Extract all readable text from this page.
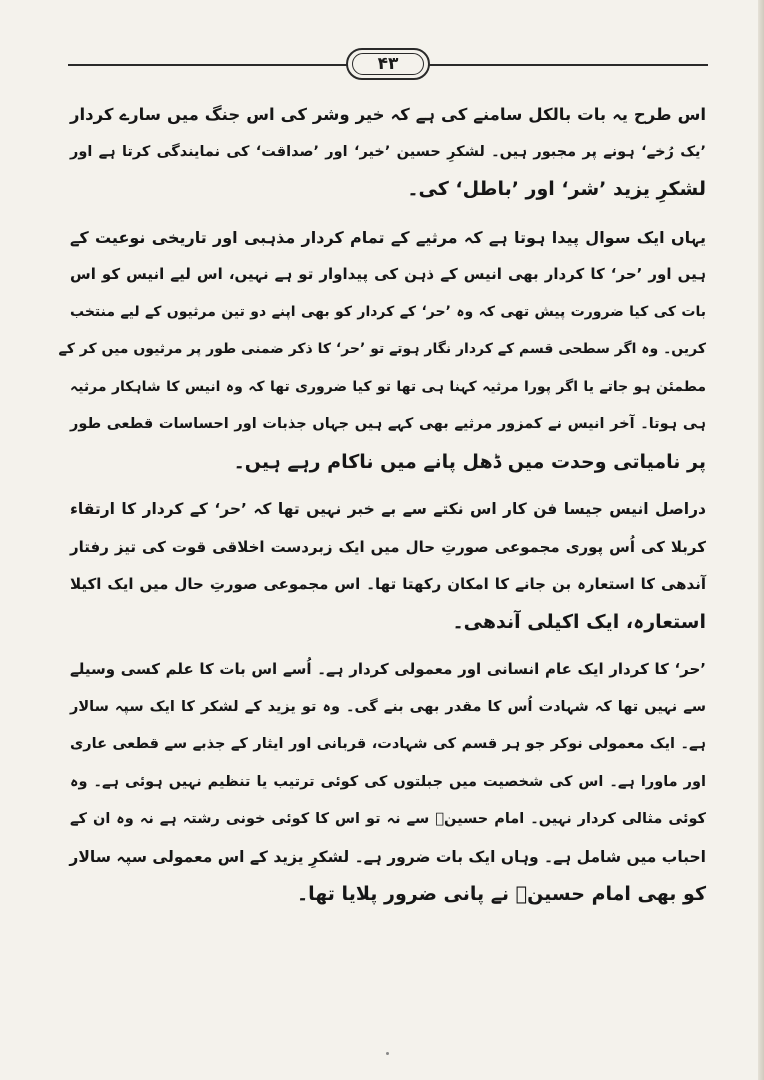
۴۳
اس طرح یہ بات بالکل سامنے کی ہے کہ خیر وشر کی اس جنگ میں سارے کردار
’یک رُخے‘ ہونے پر مجبور ہیں۔ لشکرِ حسین ’خیر‘ اور ’صداقت‘ کی نمایندگی کرتا ہے اور
لشکرِ یزید ’شر‘ اور ’باطل‘ کی۔
یہاں ایک سوال پیدا ہوتا ہے کہ مرثیے کے تمام کردار مذہبی اور تاریخی نوعیت کے
ہیں اور ’حر‘ کا کردار بھی انیس کے ذہن کی پیداوار تو ہے نہیں، اس لیے انیس کو اس
بات کی کیا ضرورت پیش تھی کہ وہ ’حر‘ کے کردار کو بھی اپنے دو تین مرثیوں کے لیے منتخب
کریں۔ وہ اگر سطحی قسم کے کردار نگار ہوتے تو ’حر‘ کا ذکر ضمنی طور پر مرثیوں میں کر کے
مطمئن ہو جاتے یا اگر پورا مرثیہ کہنا ہی تھا تو کیا ضروری تھا کہ وہ انیس کا شاہکار مرثیہ
ہی ہوتا۔ آخر انیس نے کمزور مرثیے بھی کہے ہیں جہاں جذبات اور احساسات قطعی طور
پر نامیاتی وحدت میں ڈھل پانے میں ناکام رہے ہیں۔
دراصل انیس جیسا فن کار اس نکتے سے بے خبر نہیں تھا کہ ’حر‘ کے کردار کا ارتقاء
کربلا کی اُس پوری مجموعی صورتِ حال میں ایک زبردست اخلاقی قوت کی تیز رفتار
آندھی کا استعارہ بن جانے کا امکان رکھتا تھا۔ اس مجموعی صورتِ حال میں ایک اکیلا
استعارہ، ایک اکیلی آندھی۔
’حر‘ کا کردار ایک عام انسانی اور معمولی کردار ہے۔ اُسے اس بات کا علم کسی وسیلے
سے نہیں تھا کہ شہادت اُس کا مقدر بھی بنے گی۔ وہ تو یزید کے لشکر کا ایک سپہ سالار
ہے۔ ایک معمولی نوکر جو ہر قسم کی شہادت، قربانی اور ایثار کے جذبے سے قطعی عاری
اور ماورا ہے۔ اس کی شخصیت میں جبلتوں کی کوئی ترتیب یا تنظیم نہیں ہوئی ہے۔ وہ
کوئی مثالی کردار نہیں۔ امام حسینؑ سے نہ تو اس کا کوئی خونی رشتہ ہے نہ وہ ان کے
احباب میں شامل ہے۔ وہاں ایک بات ضرور ہے۔ لشکرِ یزید کے اس معمولی سپہ سالار
کو بھی امام حسینؑ نے پانی ضرور پلایا تھا۔
